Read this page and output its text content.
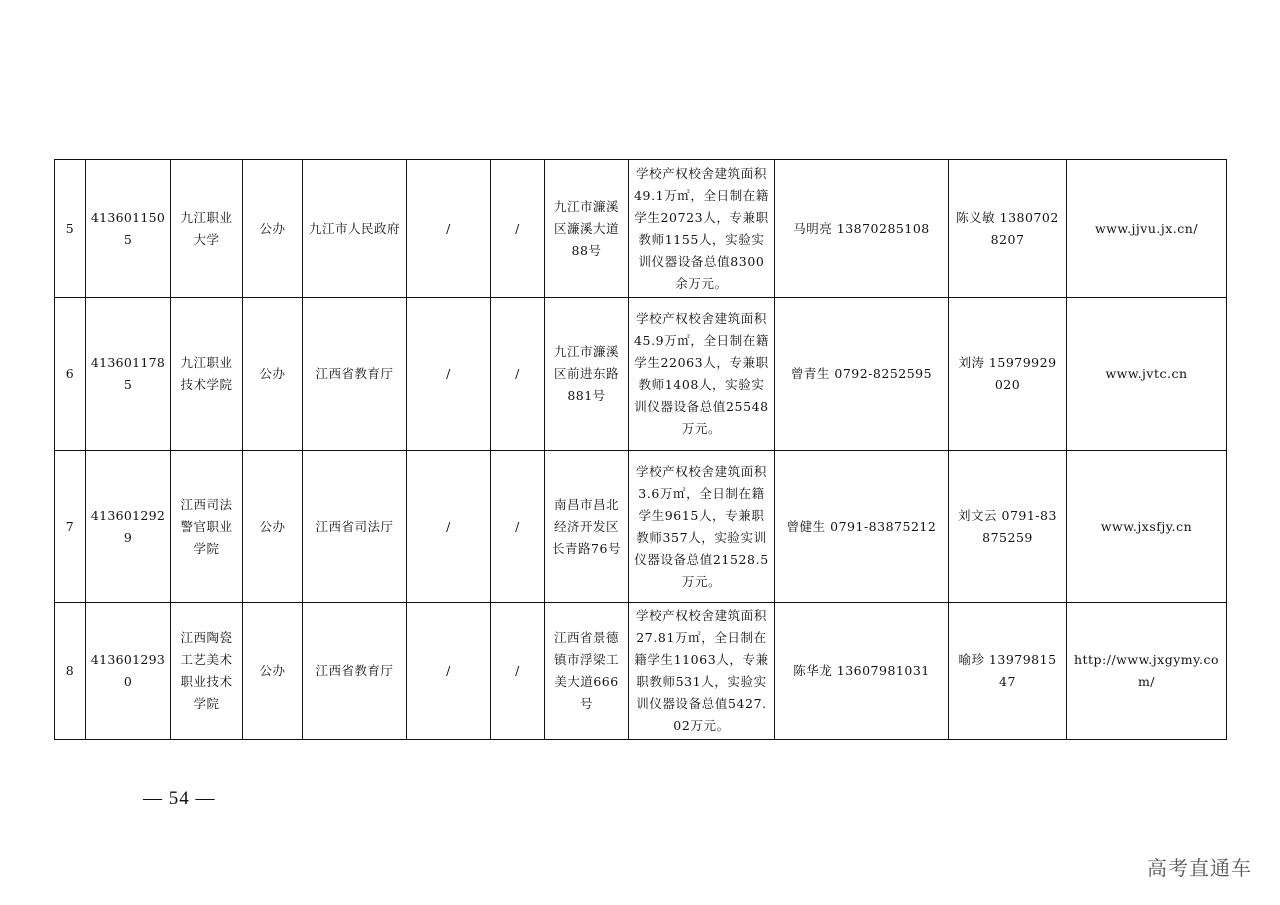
5	4136011505	九江职业大学	公办	九江市人民政府	/	/	九江市濂溪区濂溪大道88号	学校产权校舍建筑面积49.1万㎡，全日制在籍学生20723人，专兼职教师1155人，实验实训仪器设备总值8300余万元。	马明亮 13870285108	陈义敏 13807028207	www.jjvu.jx.cn/
6	4136011785	九江职业技术学院	公办	江西省教育厅	/	/	九江市濂溪区前进东路881号	学校产权校舍建筑面积45.9万㎡，全日制在籍学生22063人，专兼职教师1408人，实验实训仪器设备总值25548万元。	曾青生 0792-8252595	刘涛 15979929020	www.jvtc.cn
7	4136012929	江西司法警官职业学院	公办	江西省司法厅	/	/	南昌市昌北经济开发区长青路76号	学校产权校舍建筑面积3.6万㎡，全日制在籍学生9615人，专兼职教师357人，实验实训仪器设备总值21528.5万元。	曾健生 0791-83875212	刘文云 0791-83875259	www.jxsfjy.cn
8	4136012930	江西陶瓷工艺美术职业技术学院	公办	江西省教育厅	/	/	江西省景德镇市浮梁工美大道666号	学校产权校舍建筑面积27.81万㎡，全日制在籍学生11063人，专兼职教师531人，实验实训仪器设备总值5427.02万元。	陈华龙 13607981031	喻珍 1397981547	http://www.jxgymy.com/
— 54 —
高考直通车
